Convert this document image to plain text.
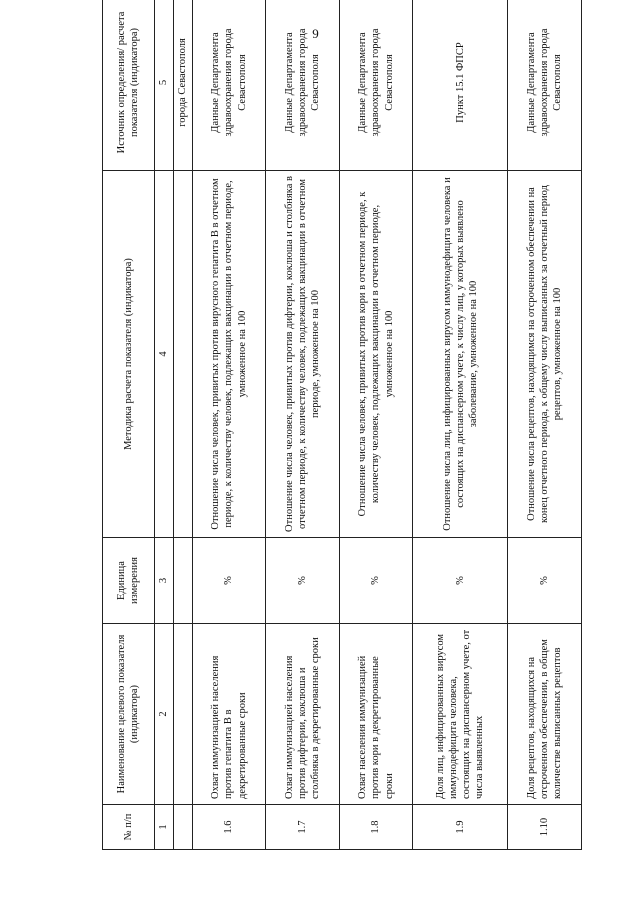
9
№ п/п	Наименование целевого показателя (индикатора)	Единица измерения	Методика расчета показателя (индикатора)	Источник определения/ расчета показателя (индикатора)
1	2	3	4	5
				города Севастополя
1.6	Охват иммунизацией населения против гепатита В в декретированные сроки	%	Отношение числа человек, привитых против вирусного гепатита В в отчетном периоде, к количеству человек, подлежащих вакцинации в отчетном периоде, умноженное на 100	Данные Департамента здравоохранения города Севастополя
1.7	Охват иммунизацией населения против дифтерии, коклюша и столбняка в декретированные сроки	%	Отношение числа человек, привитых против дифтерии, коклюша и столбняка в отчетном периоде, к количеству человек, подлежащих вакцинации в отчетном периоде, умноженное на 100	Данные Департамента здравоохранения города Севастополя
1.8	Охват населения иммунизацией против кори в декретированные сроки	%	Отношение числа человек, привитых против кори в отчетном периоде, к количеству человек, подлежащих вакцинации в отчетном периоде, умноженное на 100	Данные Департамента здравоохранения города Севастополя
1.9	Доля лиц, инфицированных вирусом иммунодефицита человека, состоящих на диспансерном учете, от числа выявленных	%	Отношение числа лиц, инфицированных вирусом иммунодефицита человека и состоящих на диспансерном учете, к числу лиц, у которых выявлено заболевание, умноженное на 100	Пункт 15.1 ФПСР
1.10	Доля рецептов, находящихся на отсроченном обеспечении, в общем количестве выписанных рецептов	%	Отношение числа рецептов, находящимся на отсроченном обеспечении на конец отчетного периода, к общему числу выписанных за отчетный период рецептов, умноженное на 100	Данные Департамента здравоохранения города Севастополя
